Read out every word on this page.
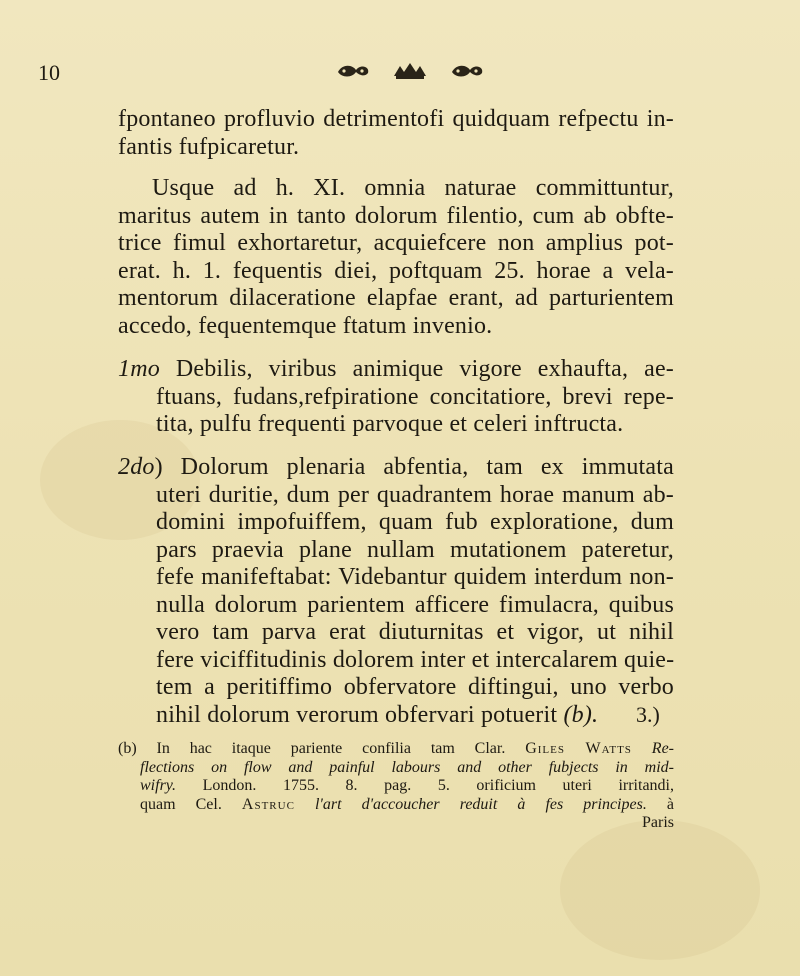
10
fpontaneo profluvio detrimentofi quidquam refpectu in-
fantis fufpicaretur.
Usque ad h. XI. omnia naturae committuntur,
maritus autem in tanto dolorum filentio, cum ab obfte-
trice fimul exhortaretur, acquiefcere non amplius pot-
erat. h. 1. fequentis diei, poftquam 25. horae a vela-
mentorum dilaceratione elapfae erant, ad parturientem
accedo, fequentemque ftatum invenio.
1mo Debilis, viribus animique vigore exhaufta, ae-
ftuans, fudans,refpiratione concitatiore, brevi repe-
tita, pulfu frequenti parvoque et celeri inftructa.
2do) Dolorum plenaria abfentia, tam ex immutata
uteri duritie, dum per quadrantem horae manum ab-
domini impofuiffem, quam fub exploratione, dum
pars praevia plane nullam mutationem pateretur,
fefe manifeftabat: Videbantur quidem interdum non-
nulla dolorum parientem afficere fimulacra, quibus
vero tam parva erat diuturnitas et vigor, ut nihil
fere viciffitudinis dolorem inter et intercalarem quie-
tem a peritiffimo obfervatore diftingui, uno verbo
nihil dolorum verorum obfervari potuerit (b).	3.)
(b) In hac itaque pariente confilia tam Clar. Giles Watts Re-
flections on flow and painful labours and other fubjects in mid-
wifry. London. 1755. 8. pag. 5. orificium uteri irritandi,
quam Cel. Astruc l'art d'accoucher reduit à fes principes. à
Paris
